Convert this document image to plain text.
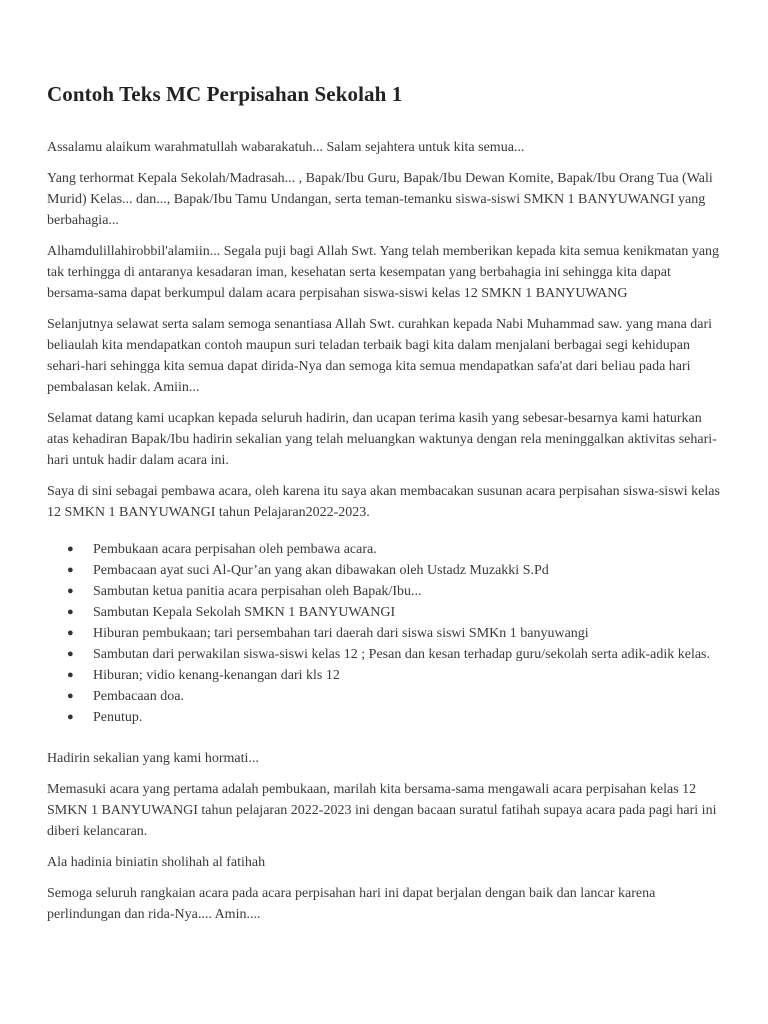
Contoh Teks MC Perpisahan Sekolah 1

Assalamu alaikum warahmatullah wabarakatuh... Salam sejahtera untuk kita semua...

Yang terhormat Kepala Sekolah/Madrasah... , Bapak/Ibu Guru, Bapak/Ibu Dewan Komite, Bapak/Ibu Orang Tua (Wali Murid) Kelas... dan..., Bapak/Ibu Tamu Undangan, serta teman-temanku siswa-siswi SMKN 1 BANYUWANGI yang berbahagia...

Alhamdulillahirobbil'alamiin... Segala puji bagi Allah Swt. Yang telah memberikan kepada kita semua kenikmatan yang tak terhingga di antaranya kesadaran iman, kesehatan serta kesempatan yang berbahagia ini sehingga kita dapat bersama-sama dapat berkumpul dalam acara perpisahan siswa-siswi kelas 12 SMKN 1 BANYUWANG

Selanjutnya selawat serta salam semoga senantiasa Allah Swt. curahkan kepada Nabi Muhammad saw. yang mana dari beliaulah kita mendapatkan contoh maupun suri teladan terbaik bagi kita dalam menjalani berbagai segi kehidupan sehari-hari sehingga kita semua dapat dirida-Nya dan semoga kita semua mendapatkan safa'at dari beliau pada hari pembalasan kelak. Amiin...

Selamat datang kami ucapkan kepada seluruh hadirin, dan ucapan terima kasih yang sebesar-besarnya kami haturkan atas kehadiran Bapak/Ibu hadirin sekalian yang telah meluangkan waktunya dengan rela meninggalkan aktivitas sehari-hari untuk hadir dalam acara ini.

Saya di sini sebagai pembawa acara, oleh karena itu saya akan membacakan susunan acara perpisahan siswa-siswi kelas 12 SMKN 1 BANYUWANGI tahun Pelajaran2022-2023.

● Pembukaan acara perpisahan oleh pembawa acara.
● Pembacaan ayat suci Al-Qur’an yang akan dibawakan oleh Ustadz Muzakki S.Pd
● Sambutan ketua panitia acara perpisahan oleh Bapak/Ibu...
● Sambutan Kepala Sekolah SMKN 1 BANYUWANGI
● Hiburan pembukaan; tari persembahan tari daerah dari siswa siswi SMKn 1 banyuwangi
● Sambutan dari perwakilan siswa-siswi kelas 12 ; Pesan dan kesan terhadap guru/sekolah serta adik-adik kelas.
● Hiburan; vidio kenang-kenangan dari kls 12
● Pembacaan doa.
● Penutup.

Hadirin sekalian yang kami hormati...

Memasuki acara yang pertama adalah pembukaan, marilah kita bersama-sama mengawali acara perpisahan kelas 12 SMKN 1 BANYUWANGI tahun pelajaran 2022-2023 ini dengan bacaan suratul fatihah supaya acara pada pagi hari ini diberi kelancaran.

Ala hadinia biniatin sholihah al fatihah

Semoga seluruh rangkaian acara pada acara perpisahan hari ini dapat berjalan dengan baik dan lancar karena perlindungan dan rida-Nya.... Amin....
